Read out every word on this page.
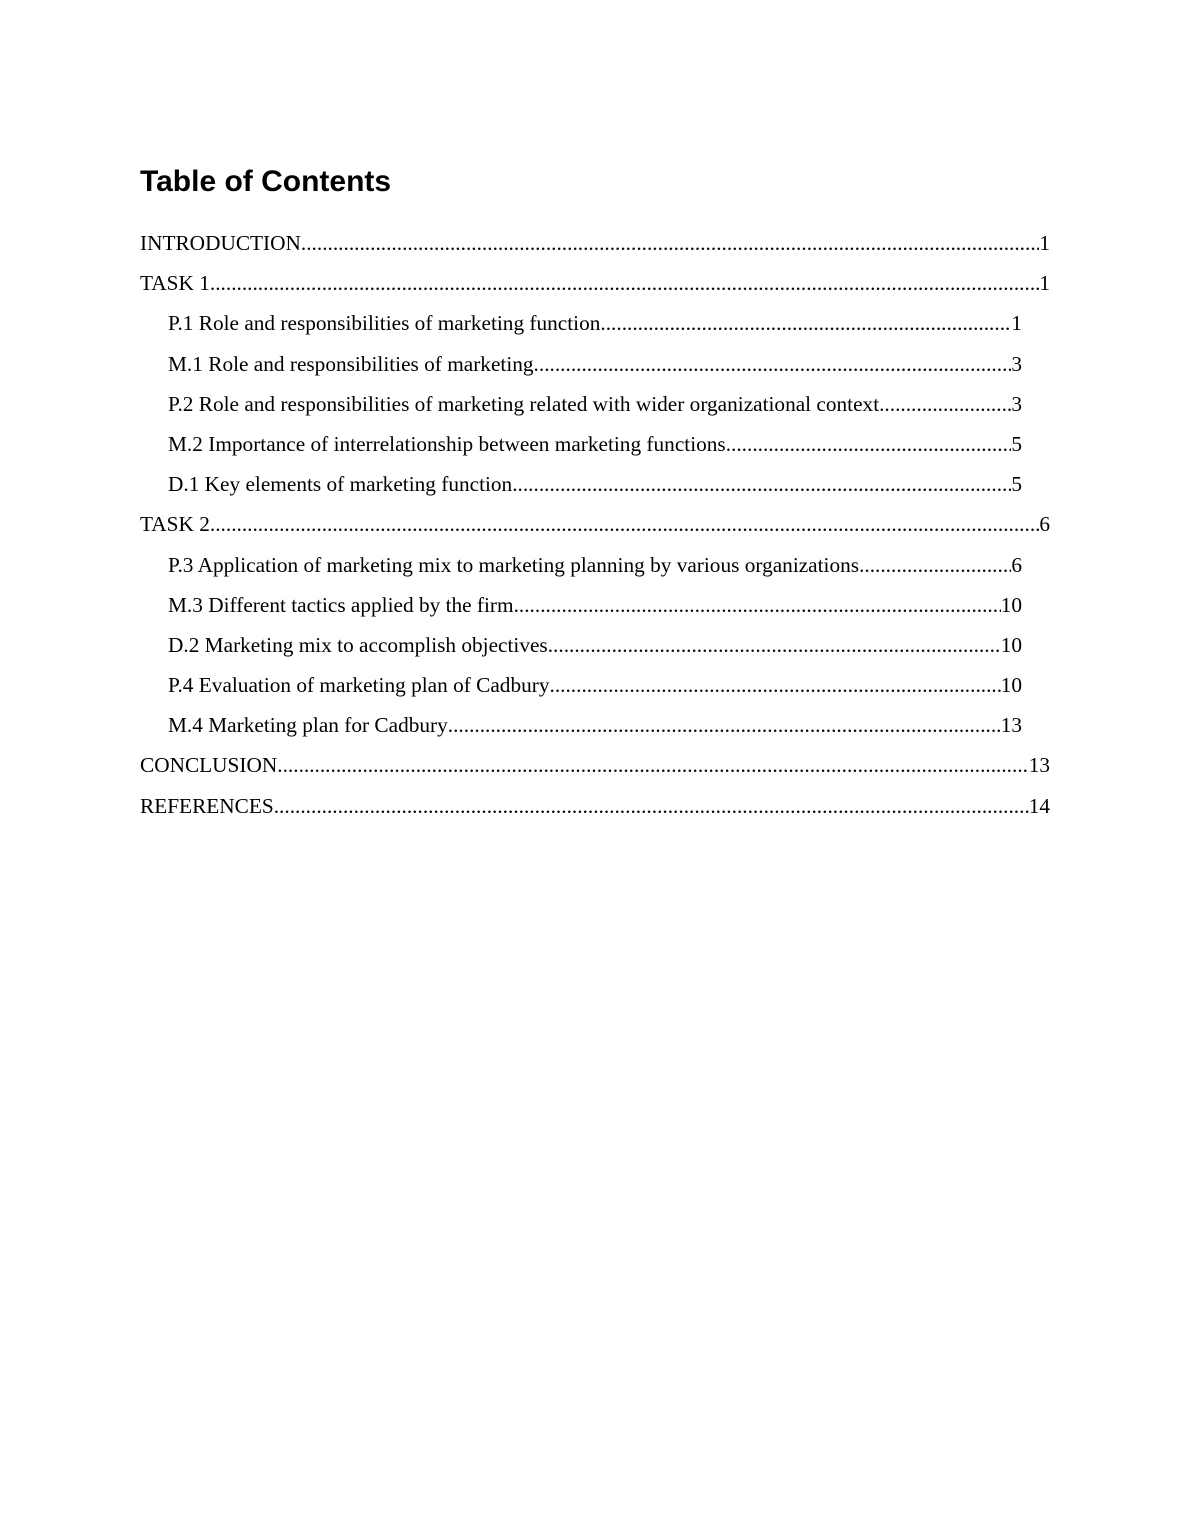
Table of Contents
INTRODUCTION .....	1
TASK 1 .....	1
P.1 Role and responsibilities of marketing function .....	1
M.1 Role and responsibilities of marketing .....	3
P.2 Role and responsibilities of marketing related with wider organizational context .....	3
M.2 Importance of interrelationship between marketing functions .....	5
D.1 Key elements of marketing function .....	5
TASK 2 .....	6
P.3 Application of marketing mix to marketing planning by various organizations .....	6
M.3 Different tactics applied by the firm .....	10
D.2 Marketing mix to accomplish objectives .....	10
P.4 Evaluation of marketing plan of Cadbury .....	10
M.4 Marketing plan for Cadbury .....	13
CONCLUSION .....	13
REFERENCES .....	14
